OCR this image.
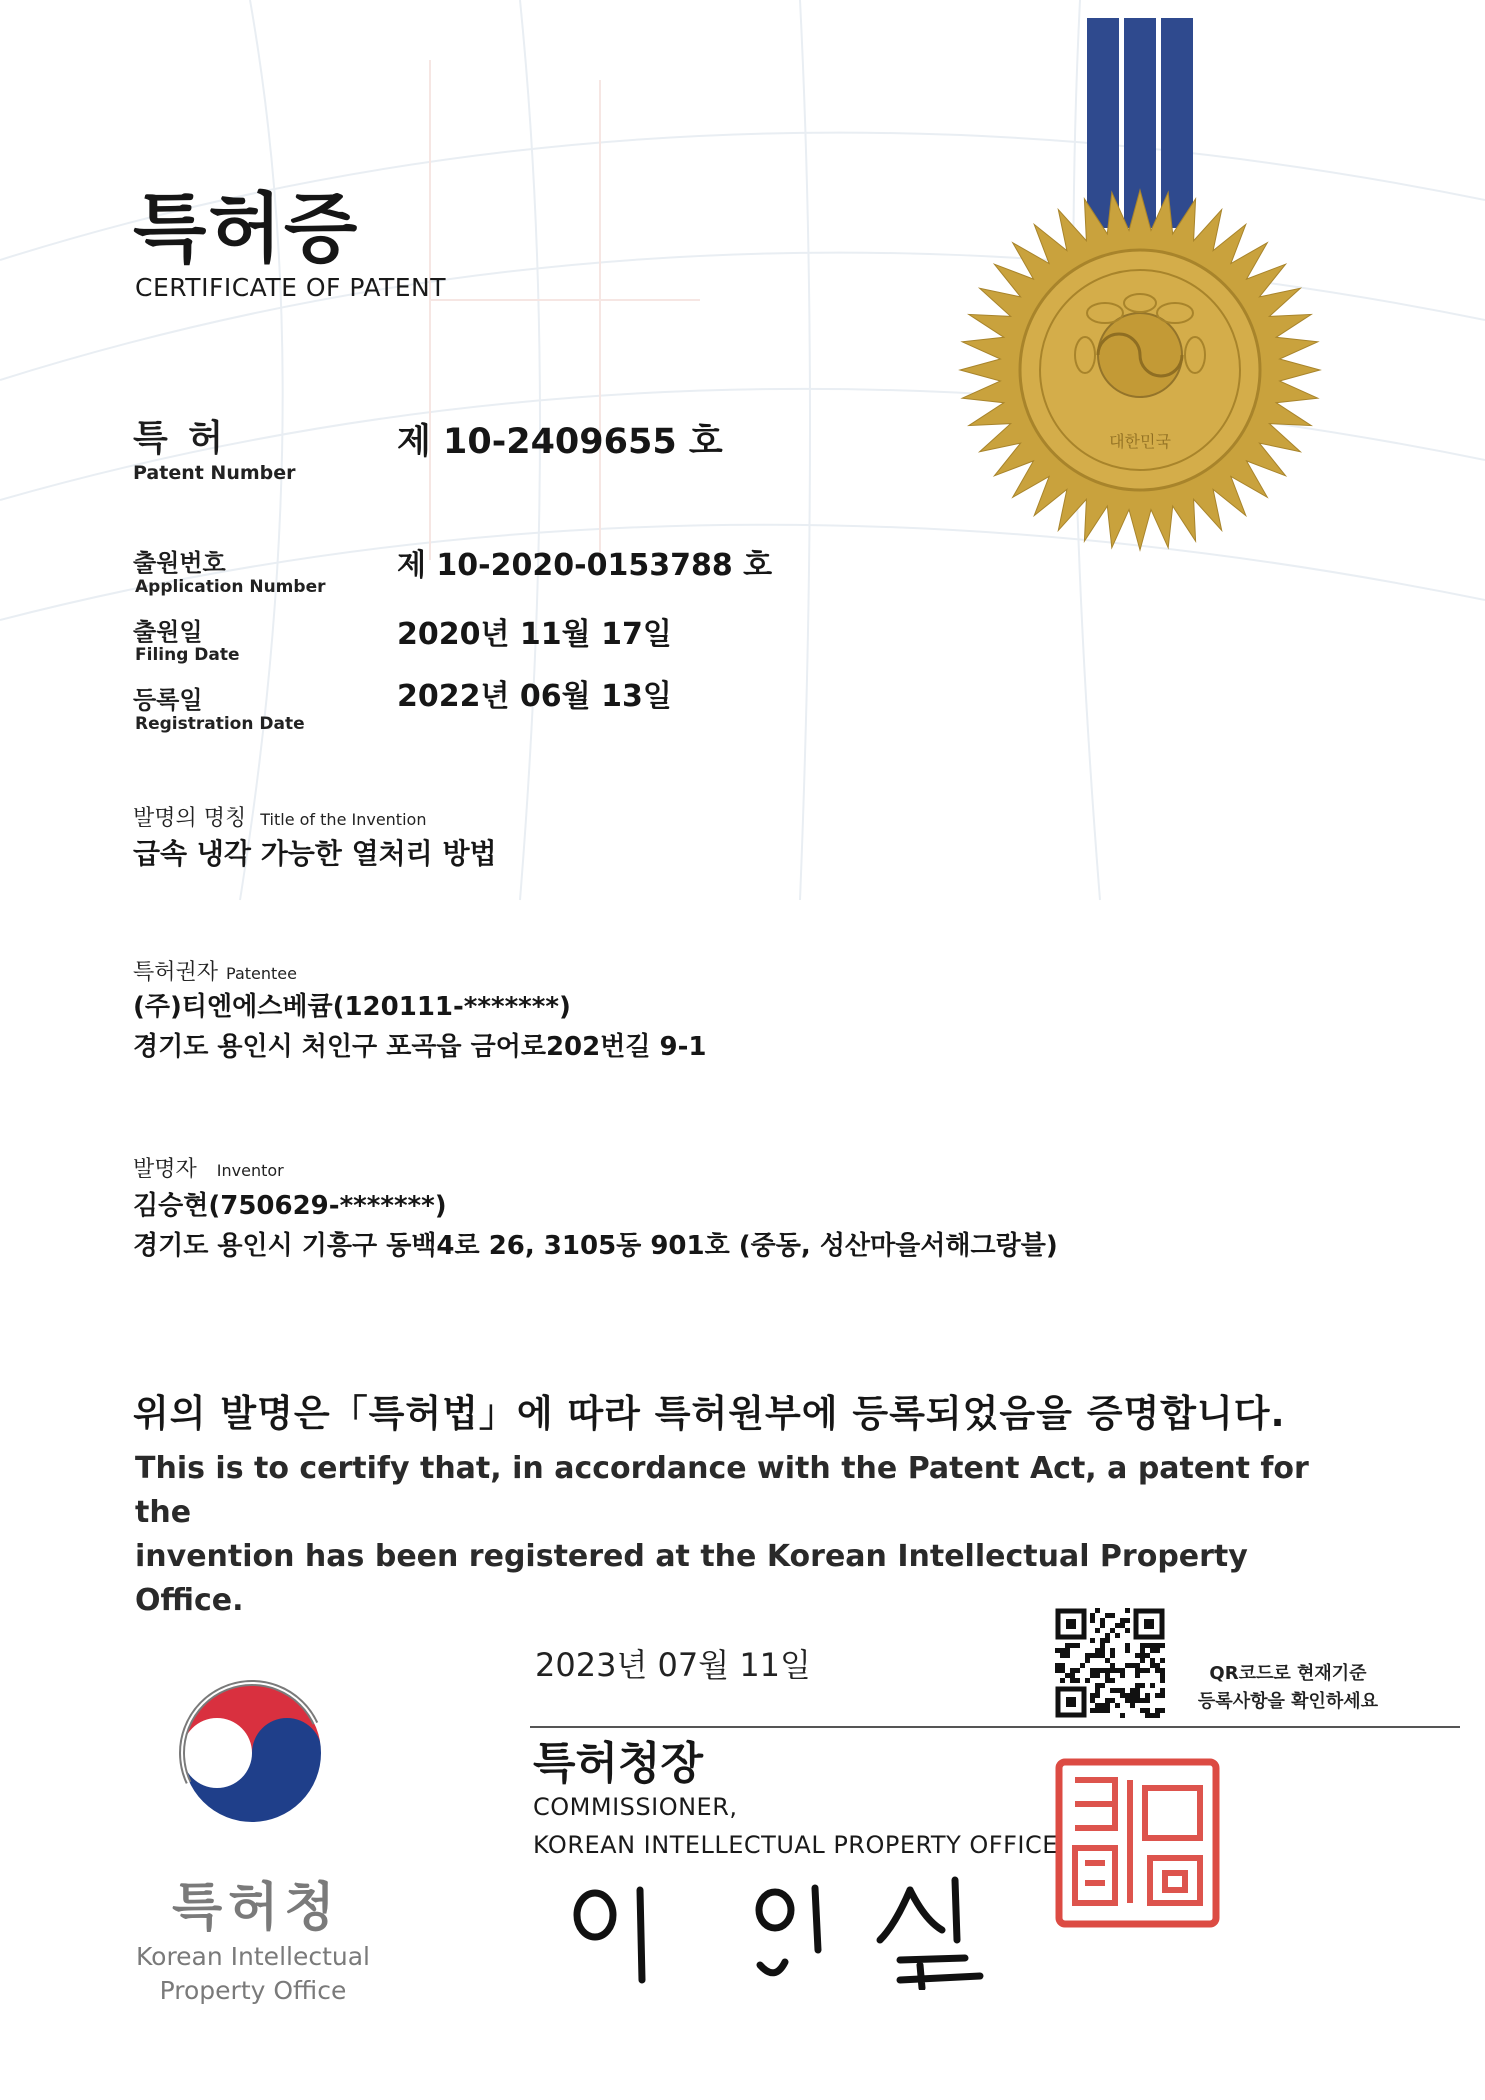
대한민국
특허증
CERTIFICATE OF PATENT
특 허
Patent Number
제 10-2409655 호
출원번호
Application Number
제 10-2020-0153788 호
출원일
Filing Date
2020년 11월 17일
등록일
Registration Date
2022년 06월 13일
발명의 명칭 Title of the Invention
급속 냉각 가능한 열처리 방법
특허권자 Patentee
(주)티엔에스베큠(120111-*******)
경기도 용인시 처인구 포곡읍 금어로202번길 9-1
발명자 Inventor
김승현(750629-*******)
경기도 용인시 기흥구 동백4로 26, 3105동 901호 (중동, 성산마을서해그랑블)
위의 발명은「특허법」에 따라 특허원부에 등록되었음을 증명합니다.
This is to certify that, in accordance with the Patent Act, a patent for the
invention has been registered at the Korean Intellectual Property Office.
특허청
Korean Intellectual
Property Office
2023년 07월 11일	QR코드로 현재기준
등록사항을 확인하세요
특허청장
COMMISSIONER,
KOREAN INTELLECTUAL PROPERTY OFFICE
